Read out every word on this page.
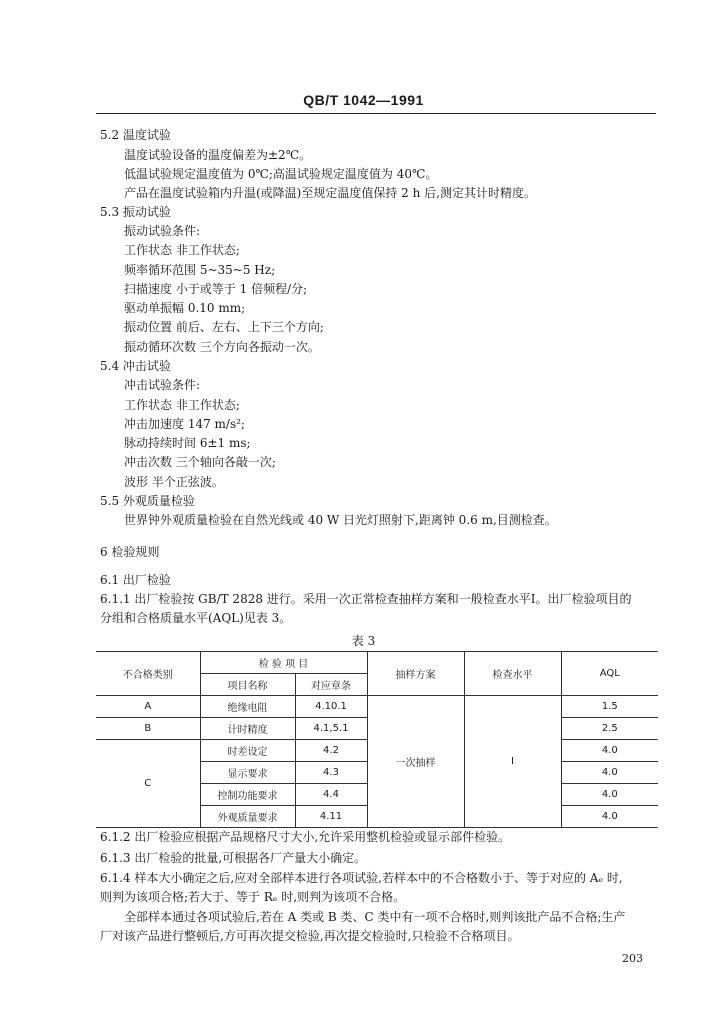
QB/T 1042—1991
5.2 温度试验
温度试验设备的温度偏差为±2℃。
低温试验规定温度值为 0℃;高温试验规定温度值为 40℃。
产品在温度试验箱内升温(或降温)至规定温度值保持 2 h 后,测定其计时精度。
5.3 振动试验
振动试验条件:
工作状态 非工作状态;
频率循环范围 5~35~5 Hz;
扫描速度 小于或等于 1 倍频程/分;
驱动单振幅 0.10 mm;
振动位置 前后、左右、上下三个方向;
振动循环次数 三个方向各振动一次。
5.4 冲击试验
冲击试验条件:
工作状态 非工作状态;
冲击加速度 147 m/s²;
脉动持续时间 6±1 ms;
冲击次数 三个轴向各敲一次;
波形 半个正弦波。
5.5 外观质量检验
世界钟外观质量检验在自然光线或 40 W 日光灯照射下,距离钟 0.6 m,目测检查。
6 检验规则
6.1 出厂检验
6.1.1 出厂检验按 GB/T 2828 进行。采用一次正常检查抽样方案和一般检查水平Ⅰ。出厂检验项目的
分组和合格质量水平(AQL)见表 3。
表 3
不合格类别	检 验 项 目		抽样方案	检查水平	AQL
	项目名称	对应章条			
A	绝缘电阻	4.10.1	一次抽样	Ⅰ	1.5
B	计时精度	4.1,5.1			2.5
C	时差设定	4.2			4.0
	显示要求	4.3			4.0
	控制功能要求	4.4			4.0
	外观质量要求	4.11			4.0
6.1.2 出厂检验应根据产品规格尺寸大小,允许采用整机检验或显示部件检验。
6.1.3 出厂检验的批量,可根据各厂产量大小确定。
6.1.4 样本大小确定之后,应对全部样本进行各项试验,若样本中的不合格数小于、等于对应的 Aₑ 时,
则判为该项合格;若大于、等于 Rₑ 时,则判为该项不合格。
全部样本通过各项试验后,若在 A 类或 B 类、C 类中有一项不合格时,则判该批产品不合格;生产
厂对该产品进行整顿后,方可再次提交检验,再次提交检验时,只检验不合格项目。
203
